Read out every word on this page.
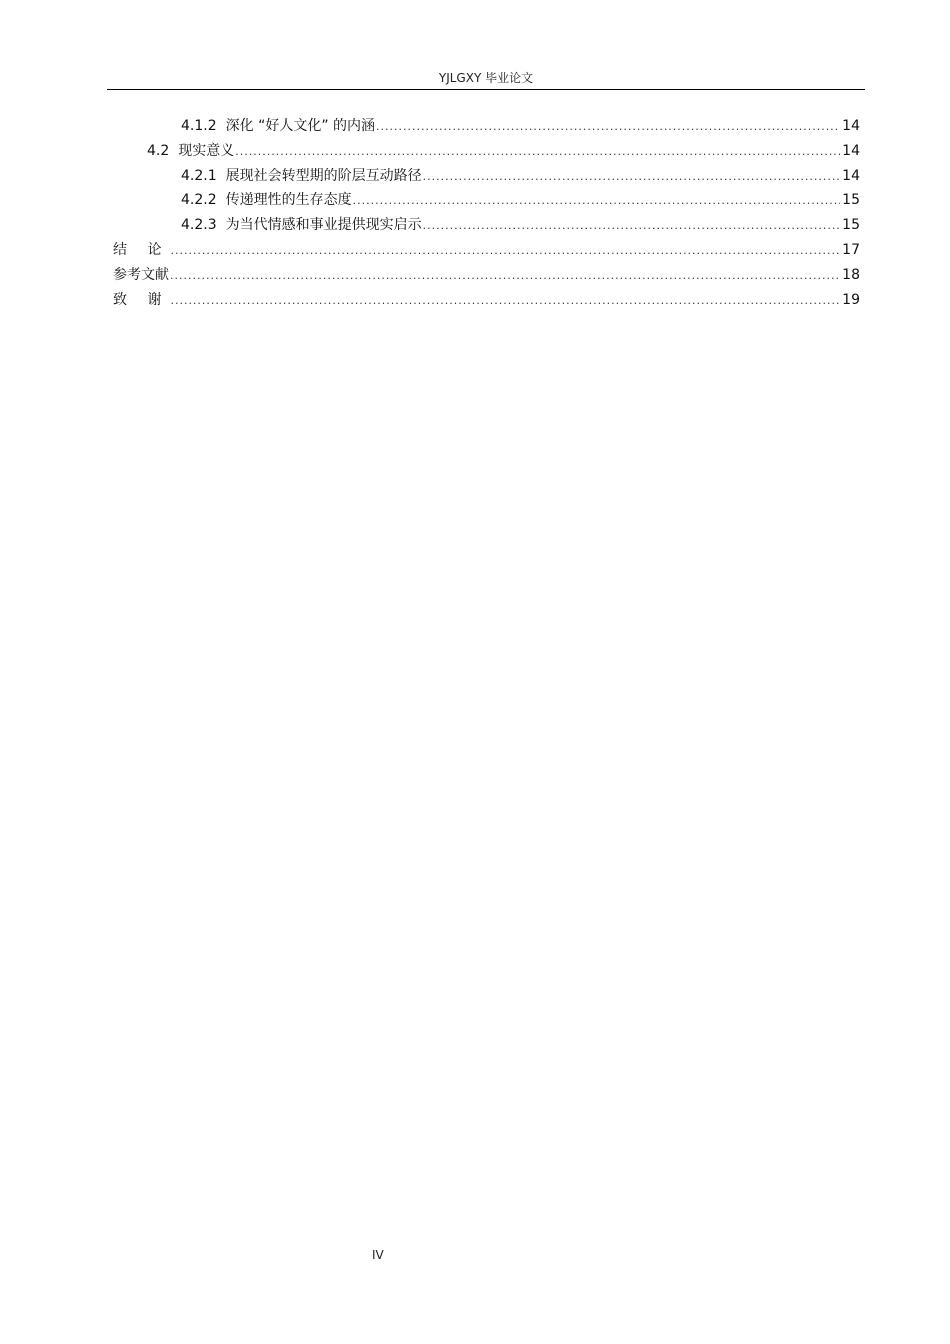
YJLGXY 毕业论文
4.1.2 深化 “好人文化” 的内涵 .....	14
4.2 现实意义 .....	14
4.2.1 展现社会转型期的阶层互动路径 .....	14
4.2.2 传递理性的生存态度 .....	15
4.2.3 为当代情感和事业提供现实启示 .....	15
结 论 .....	17
参考文献 .....	18
致 谢 .....	19
IV
